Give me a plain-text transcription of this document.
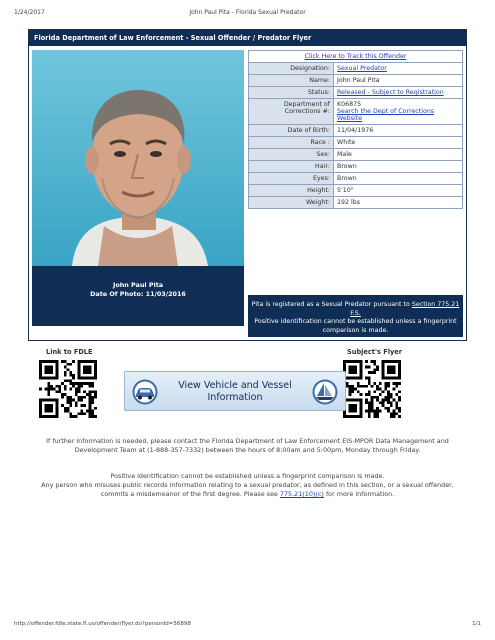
1/24/2017	John Paul Pita - Florida Sexual Predator
Florida Department of Law Enforcement - Sexual Offender / Predator Flyer
John Paul Pita
Date Of Photo: 11/03/2016
Click Here to Track this Offender	
Designation:	Sexual Predator
Name:	John Paul Pita
Status:	Released - Subject to Registration
Department of Corrections #:	K06875
Search the Dept of Corrections Website
Date of Birth:	11/04/1976
Race :	White
Sex:	Male
Hair:	Brown
Eyes:	Brown
Height:	5'10"
Weight:	192 lbs
Pita is registered as a Sexual Predator pursuant to Section 775.21 F.S.
Positive identification cannot be established unless a fingerprint comparison is made.
Link to FDLE	Subject's Flyer
View Vehicle and Vessel Information
If further information is needed, please contact the Florida Department of Law Enforcement EIS-MPOR Data Management and Development Team at (1-888-357-7332) between the hours of 8:00am and 5:00pm, Monday through Friday.
Positive identification cannot be established unless a fingerprint comparison is made.
Any person who misuses public records information relating to a sexual predator, as defined in this section, or a sexual offender, commits a misdemeanor of the first degree. Please see 775.21(10)(c) for more information.
http://offender.fdle.state.fl.us/offender/flyer.do?personId=56898	1/1
